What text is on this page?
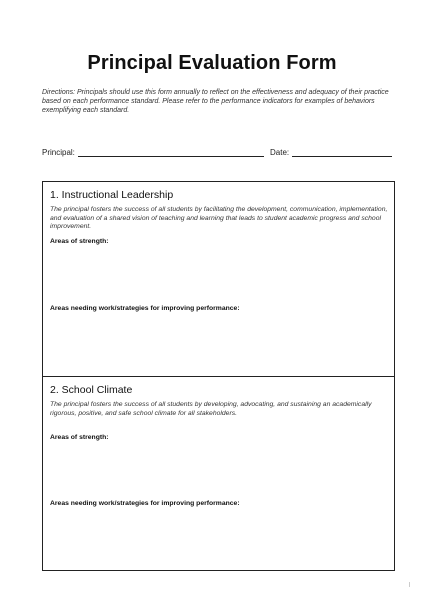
Principal Evaluation Form
Directions: Principals should use this form annually to reflect on the effectiveness and adequacy of their practice based on each performance standard. Please refer to the performance indicators for examples of behaviors exemplifying each standard.
Principal:	Date:
1. Instructional Leadership
The principal fosters the success of all students by facilitating the development, communication, implementation, and evaluation of a shared vision of teaching and learning that leads to student academic progress and school improvement.
Areas of strength:
Areas needing work/strategies for improving performance:
2. School Climate
The principal fosters the success of all students by developing, advocating, and sustaining an academically rigorous, positive, and safe school climate for all stakeholders.
Areas of strength:
Areas needing work/strategies for improving performance:
